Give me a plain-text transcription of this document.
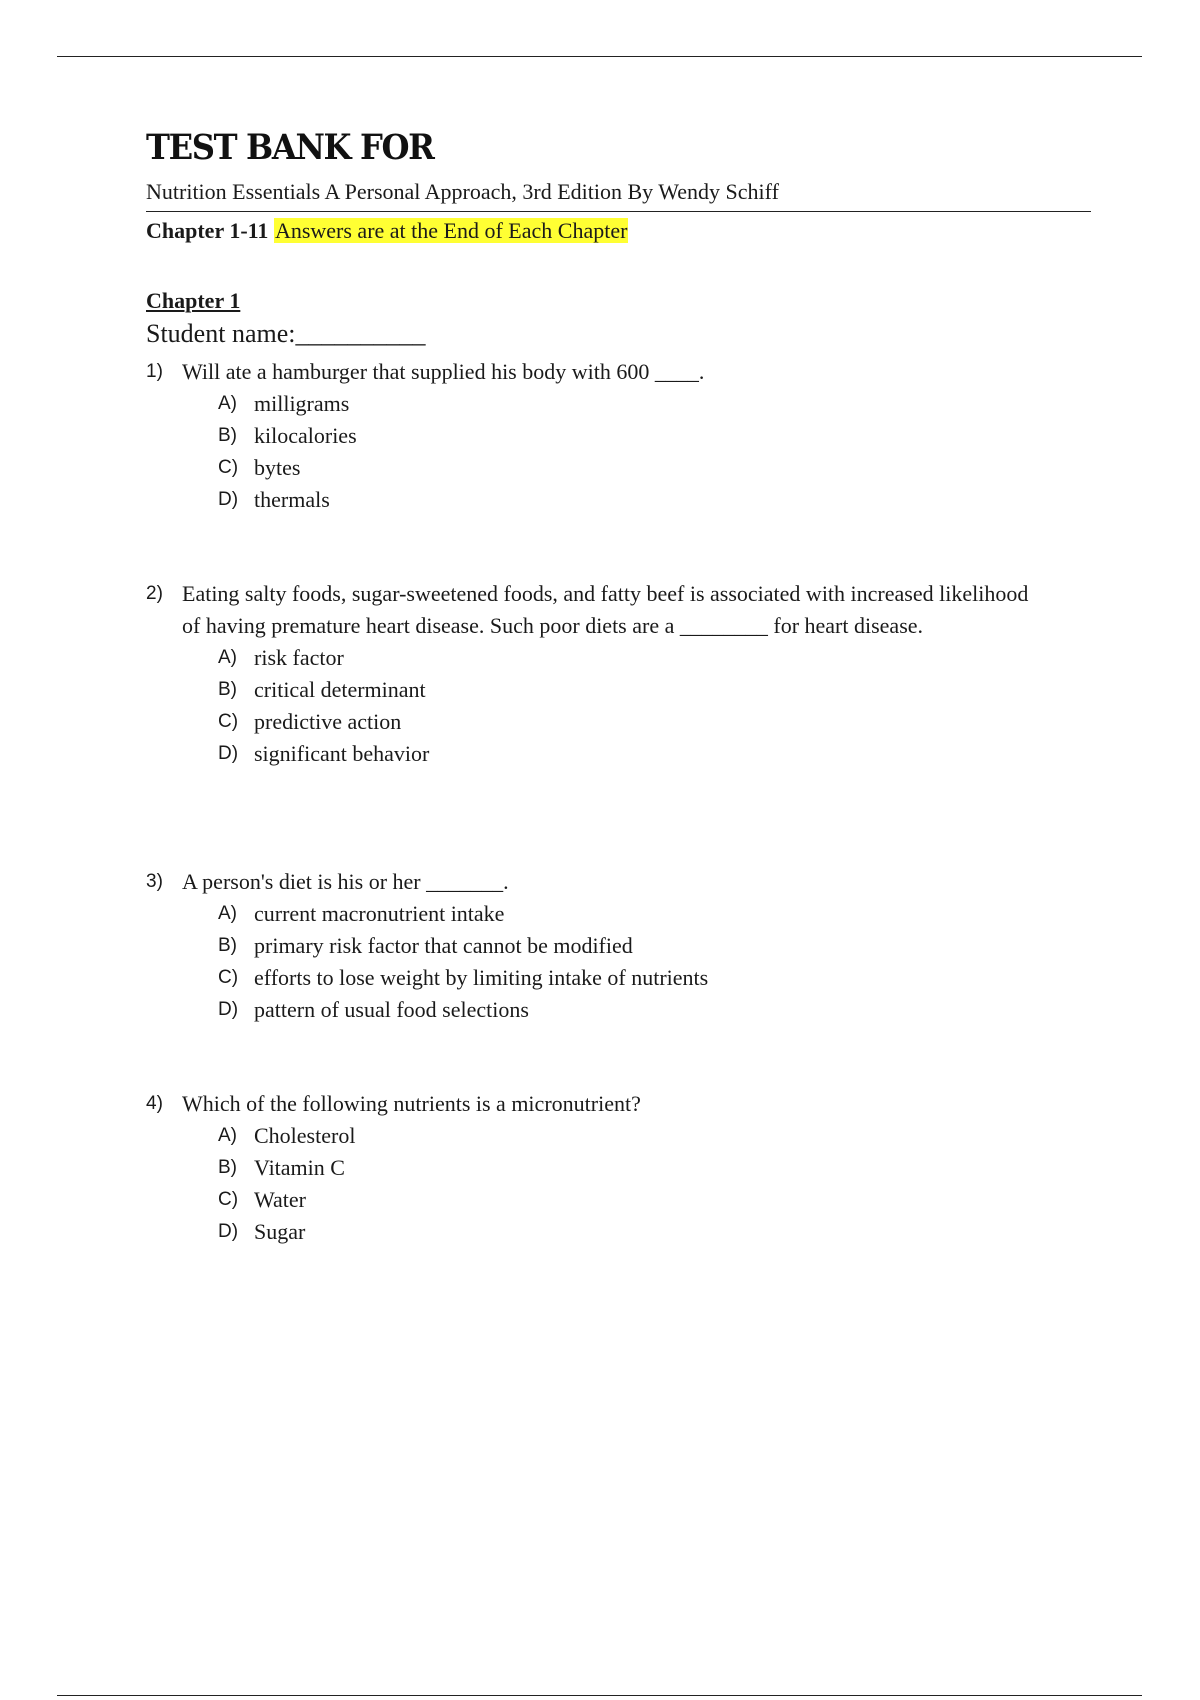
TEST BANK FOR
Nutrition Essentials A Personal Approach, 3rd Edition By Wendy Schiff
Chapter 1-11 Answers are at the End of Each Chapter
Chapter 1
Student name:__________
1) Will ate a hamburger that supplied his body with 600 ____.
A) milligrams
B) kilocalories
C) bytes
D) thermals
2) Eating salty foods, sugar-sweetened foods, and fatty beef is associated with increased likelihood of having premature heart disease. Such poor diets are a ________ for heart disease.
A) risk factor
B) critical determinant
C) predictive action
D) significant behavior
3) A person's diet is his or her _______.
A) current macronutrient intake
B) primary risk factor that cannot be modified
C) efforts to lose weight by limiting intake of nutrients
D) pattern of usual food selections
4) Which of the following nutrients is a micronutrient?
A) Cholesterol
B) Vitamin C
C) Water
D) Sugar
